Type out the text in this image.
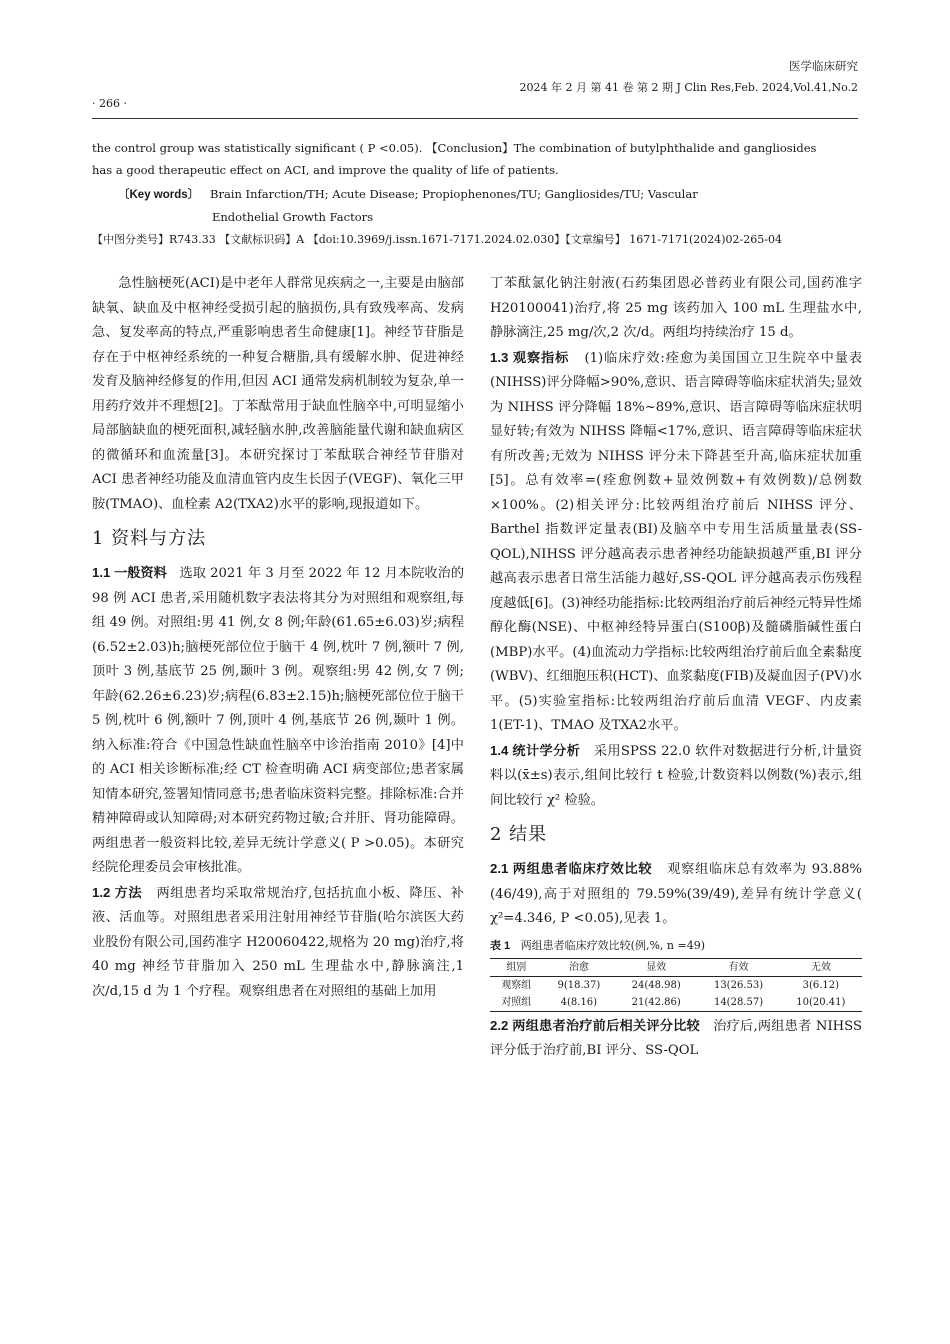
医学临床研究
2024 年 2 月 第 41 卷 第 2 期 J Clin Res,Feb. 2024,Vol.41,No.2
· 266 ·

the control group was statistically significant ( P <0.05). 【Conclusion】The combination of butylphthalide and gangliosides

has a good therapeutic effect on ACI, and improve the quality of life of patients.

〔Key words〕 Brain Infarction/TH; Acute Disease; Propiophenones/TU; Gangliosides/TU; Vascular
Endothelial Growth Factors
【中图分类号】R743.33 【文献标识码】A 【doi:10.3969/j.issn.1671-7171.2024.02.030】【文章编号】 1671-7171(2024)02-265-04

急性脑梗死(ACI)是中老年人群常见疾病之一,主要是由脑部缺氧、缺血及中枢神经受损引起的脑损伤,具有致残率高、发病急、复发率高的特点,严重影响患者生命健康[1]。神经节苷脂是存在于中枢神经系统的一种复合糖脂,具有缓解水肿、促进神经发育及脑神经修复的作用,但因 ACI 通常发病机制较为复杂,单一用药疗效并不理想[2]。丁苯酞常用于缺血性脑卒中,可明显缩小局部脑缺血的梗死面积,减轻脑水肿,改善脑能量代谢和缺血病区的微循环和血流量[3]。本研究探讨丁苯酞联合神经节苷脂对 ACI 患者神经功能及血清血管内皮生长因子(VEGF)、氧化三甲胺(TMAO)、血栓素 A2(TXA2)水平的影响,现报道如下。

1 资料与方法

1.1 一般资料 选取 2021 年 3 月至 2022 年 12 月本院收治的 98 例 ACI 患者,采用随机数字表法将其分为对照组和观察组,每组 49 例。对照组:男 41 例,女 8 例;年龄(61.65±6.03)岁;病程(6.52±2.03)h;脑梗死部位位于脑干 4 例,枕叶 7 例,额叶 7 例,顶叶 3 例,基底节 25 例,颞叶 3 例。观察组:男 42 例,女 7 例;年龄(62.26±6.23)岁;病程(6.83±2.15)h;脑梗死部位位于脑干 5 例,枕叶 6 例,额叶 7 例,顶叶 4 例,基底节 26 例,颞叶 1 例。纳入标准:符合《中国急性缺血性脑卒中诊治指南 2010》[4]中的 ACI 相关诊断标准;经 CT 检查明确 ACI 病变部位;患者家属知情本研究,签署知情同意书;患者临床资料完整。排除标准:合并精神障碍或认知障碍;对本研究药物过敏;合并肝、肾功能障碍。两组患者一般资料比较,差异无统计学意义( P >0.05)。本研究经院伦理委员会审核批准。

1.2 方法 两组患者均采取常规治疗,包括抗血小板、降压、补液、活血等。对照组患者采用注射用神经节苷脂(哈尔滨医大药业股份有限公司,国药准字 H20060422,规格为 20 mg)治疗,将 40 mg 神经节苷脂加入 250 mL 生理盐水中,静脉滴注,1 次/d,15 d 为 1 个疗程。观察组患者在对照组的基础上加用

丁苯酞氯化钠注射液(石药集团恩必普药业有限公司,国药准字 H20100041)治疗,将 25 mg 该药加入 100 mL 生理盐水中,静脉滴注,25 mg/次,2 次/d。两组均持续治疗 15 d。

1.3 观察指标 (1)临床疗效:痊愈为美国国立卫生院卒中量表(NIHSS)评分降幅>90%,意识、语言障碍等临床症状消失;显效为 NIHSS 评分降幅 18%~89%,意识、语言障碍等临床症状明显好转;有效为 NIHSS 降幅<17%,意识、语言障碍等临床症状有所改善;无效为 NIHSS 评分未下降甚至升高,临床症状加重[5]。总有效率=(痊愈例数+显效例数+有效例数)/总例数×100%。(2)相关评分:比较两组治疗前后 NIHSS 评分、Barthel 指数评定量表(BI)及脑卒中专用生活质量量表(SS-QOL),NIHSS 评分越高表示患者神经功能缺损越严重,BI 评分越高表示患者日常生活能力越好,SS-QOL 评分越高表示伤残程度越低[6]。(3)神经功能指标:比较两组治疗前后神经元特异性烯醇化酶(NSE)、中枢神经特异蛋白(S100β)及髓磷脂碱性蛋白(MBP)水平。(4)血流动力学指标:比较两组治疗前后血全素黏度(WBV)、红细胞压积(HCT)、血浆黏度(FIB)及凝血因子(PV)水平。(5)实验室指标:比较两组治疗前后血清 VEGF、内皮素 1(ET-1)、TMAO 及TXA2水平。

1.4 统计学分析 采用SPSS 22.0 软件对数据进行分析,计量资料以(x̄±s)表示,组间比较行 t 检验,计数资料以例数(%)表示,组间比较行 χ² 检验。

2 结果

2.1 两组患者临床疗效比较 观察组临床总有效率为 93.88%(46/49),高于对照组的 79.59%(39/49),差异有统计学意义( χ²=4.346, P <0.05),见表 1。

表 1 两组患者临床疗效比较(例,%, n =49)

组别	治愈	显效	有效	无效
观察组	9(18.37)	24(48.98)	13(26.53)	3(6.12)
对照组	4(8.16)	21(42.86)	14(28.57)	10(20.41)

2.2 两组患者治疗前后相关评分比较 治疗后,两组患者 NIHSS 评分低于治疗前,BI 评分、SS-QOL
